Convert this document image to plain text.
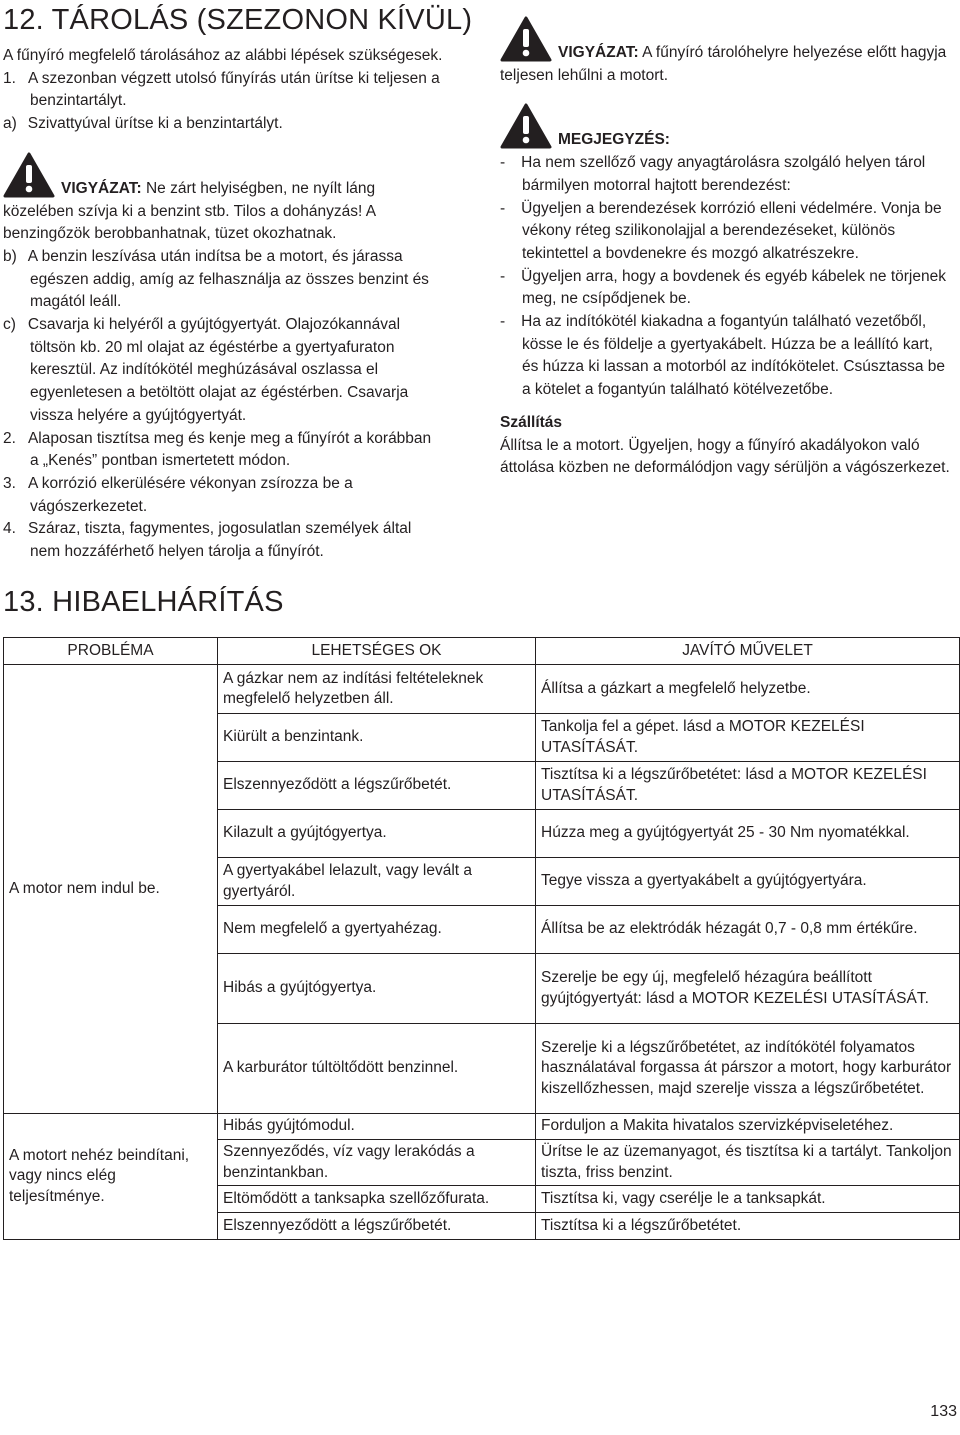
12. TÁROLÁS (SZEZONON KÍVÜL)

A fűnyíró megfelelő tárolásához az alábbi lépések szükségesek.

1. A szezonban végzett utolsó fűnyírás után ürítse ki teljesen a benzintartályt.

a) Szivattyúval ürítse ki a benzintartályt.

VIGYÁZAT: Ne zárt helyiségben, ne nyílt láng közelében szívja ki a benzint stb. Tilos a dohányzás! A benzingőzök berobbanhatnak, tüzet okozhatnak.

b) A benzin leszívása után indítsa be a motort, és járassa egészen addig, amíg az felhasználja az összes benzint és magától leáll.

c) Csavarja ki helyéről a gyújtógyertyát. Olajozókannával töltsön kb. 20 ml olajat az égéstérbe a gyertyafuraton keresztül. Az indítókötél meghúzásával oszlassa el egyenletesen a betöltött olajat az égéstérben. Csavarja vissza helyére a gyújtógyertyát.

2. Alaposan tisztítsa meg és kenje meg a fűnyírót a korábban a „Kenés” pontban ismertetett módon.

3. A korrózió elkerülésére vékonyan zsírozza be a vágószerkezetet.

4. Száraz, tiszta, fagymentes, jogosulatlan személyek által nem hozzáférhető helyen tárolja a fűnyírót.

13. HIBAELHÁRÍTÁS

VIGYÁZAT: A fűnyíró tárolóhelyre helyezése előtt hagyja teljesen lehűlni a motort.

MEGJEGYZÉS:

- Ha nem szellőző vagy anyagtárolásra szolgáló helyen tárol bármilyen motorral hajtott berendezést:

- Ügyeljen a berendezések korrózió elleni védelmére. Vonja be vékony réteg szilikonolajjal a berendezéseket, különös tekintettel a bovdenekre és mozgó alkatrészekre.

- Ügyeljen arra, hogy a bovdenek és egyéb kábelek ne törjenek meg, ne csípődjenek be.

- Ha az indítókötél kiakadna a fogantyún található vezetőből, kösse le és földelje a gyertyakábelt. Húzza be a leállító kart, és húzza ki lassan a motorból az indítókötelet. Csúsztassa be a kötelet a fogantyún található kötélvezetőbe.

Szállítás

Állítsa le a motort. Ügyeljen, hogy a fűnyíró akadályokon való áttolása közben ne deformálódjon vagy sérüljön a vágószerkezet.

PROBLÉMA	LEHETSÉGES OK	JAVÍTÓ MŰVELET
A motor nem indul be.	A gázkar nem az indítási feltételeknek megfelelő helyzetben áll.	Állítsa a gázkart a megfelelő helyzetbe.
	Kiürült a benzintank.	Tankolja fel a gépet. lásd a MOTOR KEZELÉSI UTASÍTÁSÁT.
	Elszennyeződött a légszűrőbetét.	Tisztítsa ki a légszűrőbetétet: lásd a MOTOR KEZELÉSI UTASÍTÁSÁT.
	Kilazult a gyújtógyertya.	Húzza meg a gyújtógyertyát 25 - 30 Nm nyomatékkal.
	A gyertyakábel lelazult, vagy levált a gyertyáról.	Tegye vissza a gyertyakábelt a gyújtógyertyára.
	Nem megfelelő a gyertyahézag.	Állítsa be az elektródák hézagát 0,7 - 0,8 mm értékűre.
	Hibás a gyújtógyertya.	Szerelje be egy új, megfelelő hézagúra beállított gyújtógyertyát: lásd a MOTOR KEZELÉSI UTASÍTÁSÁT.
	A karburátor túltöltődött benzinnel.	Szerelje ki a légszűrőbetétet, az indítókötél folyamatos használatával forgassa át párszor a motort, hogy karburátor kiszellőzhessen, majd szerelje vissza a légszűrőbetétet.
A motort nehéz beindítani, vagy nincs elég teljesítménye.	Hibás gyújtómodul.	Forduljon a Makita hivatalos szervizképviseletéhez.
	Szennyeződés, víz vagy lerakódás a benzintankban.	Ürítse le az üzemanyagot, és tisztítsa ki a tartályt. Tankoljon tiszta, friss benzint.
	Eltömődött a tanksapka szellőzőfurata.	Tisztítsa ki, vagy cserélje le a tanksapkát.
	Elszennyeződött a légszűrőbetét.	Tisztítsa ki a légszűrőbetétet.
133
